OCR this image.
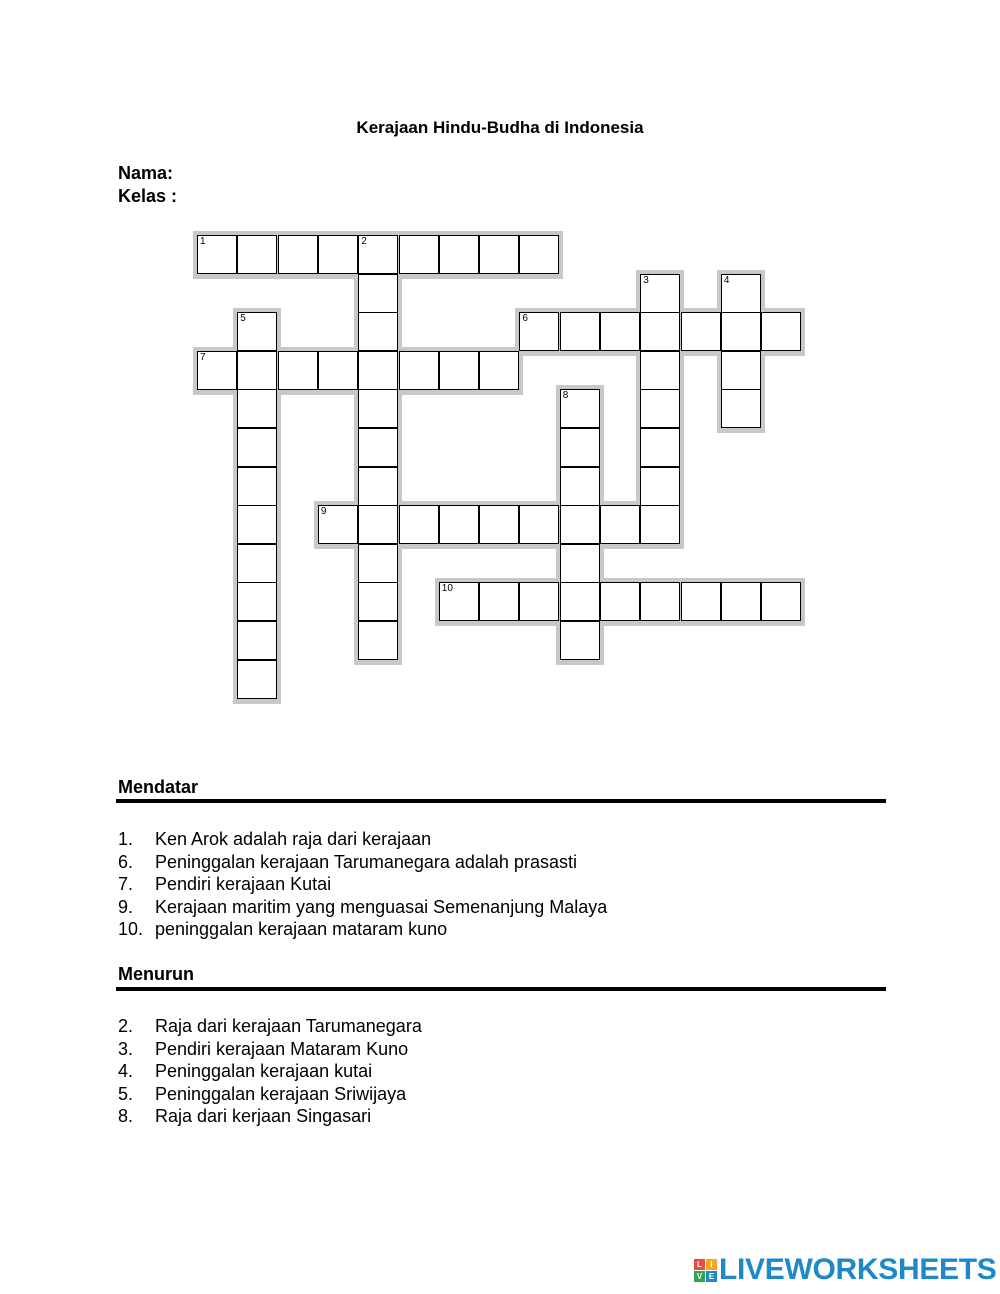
Kerajaan Hindu-Budha di Indonesia
Nama:
Kelas :
1	2
3	4
5	6
7
8
9
10
Mendatar
1. Ken Arok adalah raja dari kerajaan
6. Peninggalan kerajaan Tarumanegara adalah prasasti
7. Pendiri kerajaan Kutai
9. Kerajaan maritim yang menguasai Semenanjung Malaya
10. peninggalan kerajaan mataram kuno
Menurun
2. Raja dari kerajaan Tarumanegara
3. Pendiri kerajaan Mataram Kuno
4. Peninggalan kerajaan kutai
5. Peninggalan kerajaan Sriwijaya
8. Raja dari kerjaan Singasari
L	I
V E LIVEWORKSHEETS
